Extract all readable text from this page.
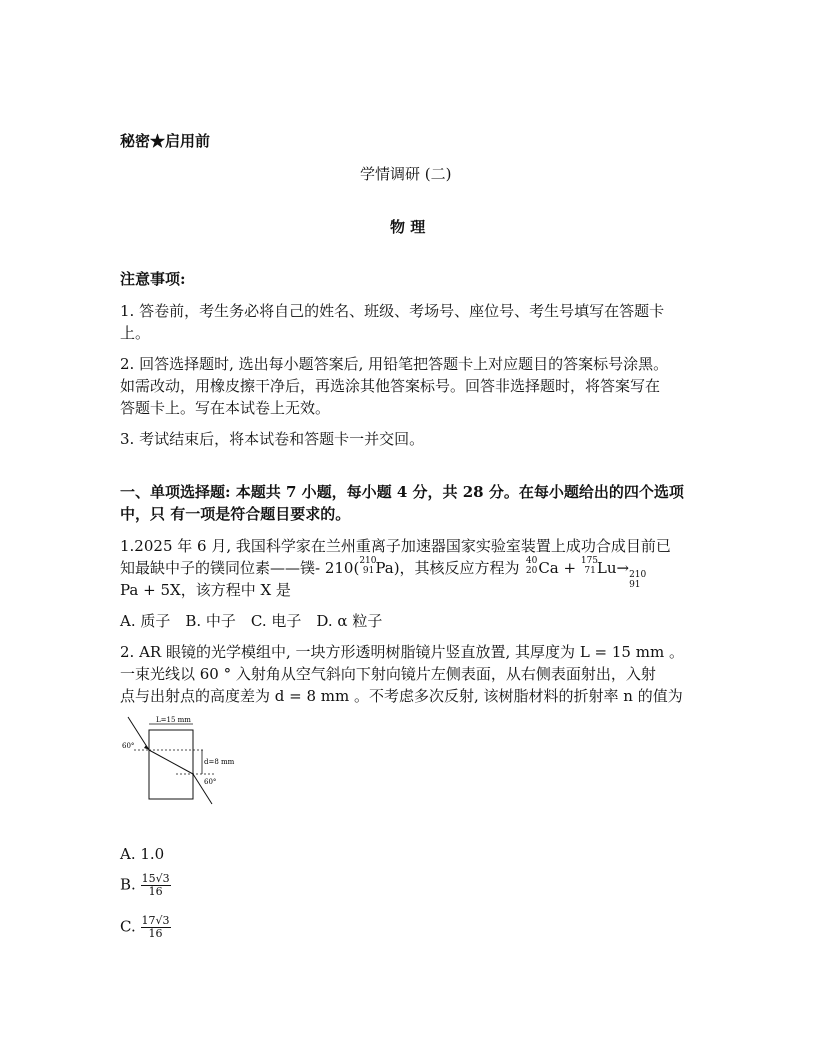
秘密★启用前
学情调研 (二)
物 理
注意事项:
1. 答卷前，考生务必将自己的姓名、班级、考场号、座位号、考生号填写在答题卡
上。
2. 回答选择题时, 选出每小题答案后, 用铅笔把答题卡上对应题目的答案标号涂黑。
如需改动，用橡皮擦干净后，再选涂其他答案标号。回答非选择题时，将答案写在
答题卡上。写在本试卷上无效。
3. 考试结束后，将本试卷和答题卡一并交回。
一、单项选择题: 本题共 7 小题，每小题 4 分，共 28 分。在每小题给出的四个选项
中，只 有一项是符合题目要求的。
1.2025 年 6 月, 我国科学家在兰州重离子加速器国家实验室装置上成功合成目前已
知最缺中子的镤同位素——镤- 210( 210
91 Pa)，其核反应方程为 40
20 Ca + 175
71 Lu→ 210
91
Pa + 5X，该方程中 X 是
A. 质子　B. 中子　C. 电子　D. α 粒子
2. AR 眼镜的光学模组中, 一块方形透明树脂镜片竖直放置, 其厚度为 L = 15 mm 。
一束光线以 60 ° 入射角从空气斜向下射向镜片左侧表面，从右侧表面射出，入射
点与出射点的高度差为 d = 8 mm 。不考虑多次反射, 该树脂材料的折射率 n 的值为
L=15 mm
d=8 mm
60°
60°
A. 1.0
B. $\frac{15√3}{16}$
C. $\frac{17√3}{16}$
